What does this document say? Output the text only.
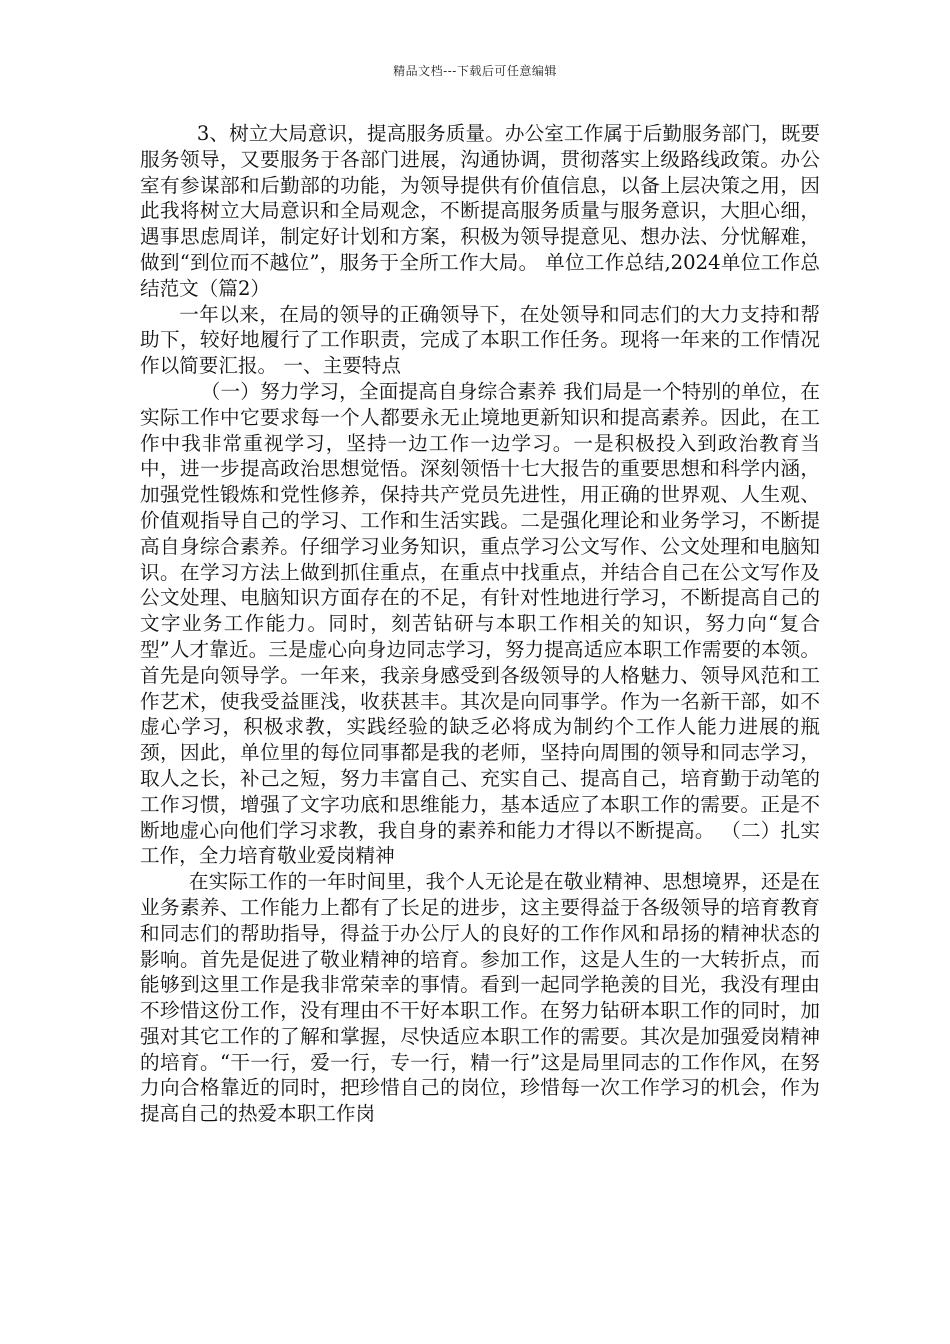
精品文档---下载后可任意编辑

3、树立大局意识，提高服务质量。办公室工作属于后勤服务部门，既要服务领导，又要服务于各部门进展，沟通协调，贯彻落实上级路线政策。办公室有参谋部和后勤部的功能，为领导提供有价值信息，以备上层决策之用，因此我将树立大局意识和全局观念，不断提高服务质量与服务意识，大胆心细，遇事思虑周详，制定好计划和方案，积极为领导提意见、想办法、分忧解难，做到“到位而不越位”，服务于全所工作大局。 单位工作总结,2024单位工作总结范文（篇2）

一年以来，在局的领导的正确领导下，在处领导和同志们的大力支持和帮助下，较好地履行了工作职责，完成了本职工作任务。现将一年来的工作情况作以简要汇报。 一、主要特点

（一）努力学习，全面提高自身综合素养 我们局是一个特别的单位，在实际工作中它要求每一个人都要永无止境地更新知识和提高素养。因此，在工作中我非常重视学习，坚持一边工作一边学习。一是积极投入到政治教育当中，进一步提高政治思想觉悟。深刻领悟十七大报告的重要思想和科学内涵，加强党性锻炼和党性修养，保持共产党员先进性，用正确的世界观、人生观、价值观指导自己的学习、工作和生活实践。二是强化理论和业务学习，不断提高自身综合素养。仔细学习业务知识，重点学习公文写作、公文处理和电脑知识。在学习方法上做到抓住重点，在重点中找重点，并结合自己在公文写作及公文处理、电脑知识方面存在的不足，有针对性地进行学习，不断提高自己的文字业务工作能力。同时，刻苦钻研与本职工作相关的知识，努力向“复合型”人才靠近。三是虚心向身边同志学习，努力提高适应本职工作需要的本领。首先是向领导学。一年来，我亲身感受到各级领导的人格魅力、领导风范和工作艺术，使我受益匪浅，收获甚丰。其次是向同事学。作为一名新干部，如不虚心学习，积极求教，实践经验的缺乏必将成为制约个工作人能力进展的瓶颈，因此，单位里的每位同事都是我的老师，坚持向周围的领导和同志学习，取人之长，补己之短，努力丰富自己、充实自己、提高自己，培育勤于动笔的工作习惯，增强了文字功底和思维能力，基本适应了本职工作的需要。正是不断地虚心向他们学习求教，我自身的素养和能力才得以不断提高。 （二）扎实工作，全力培育敬业爱岗精神

在实际工作的一年时间里，我个人无论是在敬业精神、思想境界，还是在业务素养、工作能力上都有了长足的进步，这主要得益于各级领导的培育教育和同志们的帮助指导，得益于办公厅人的良好的工作作风和昂扬的精神状态的影响。首先是促进了敬业精神的培育。参加工作，这是人生的一大转折点，而能够到这里工作是我非常荣幸的事情。看到一起同学艳羡的目光，我没有理由不珍惜这份工作，没有理由不干好本职工作。在努力钻研本职工作的同时，加强对其它工作的了解和掌握，尽快适应本职工作的需要。其次是加强爱岗精神的培育。“干一行，爱一行，专一行，精一行”这是局里同志的工作作风，在努力向合格靠近的同时，把珍惜自己的岗位，珍惜每一次工作学习的机会，作为提高自己的热爱本职工作岗
